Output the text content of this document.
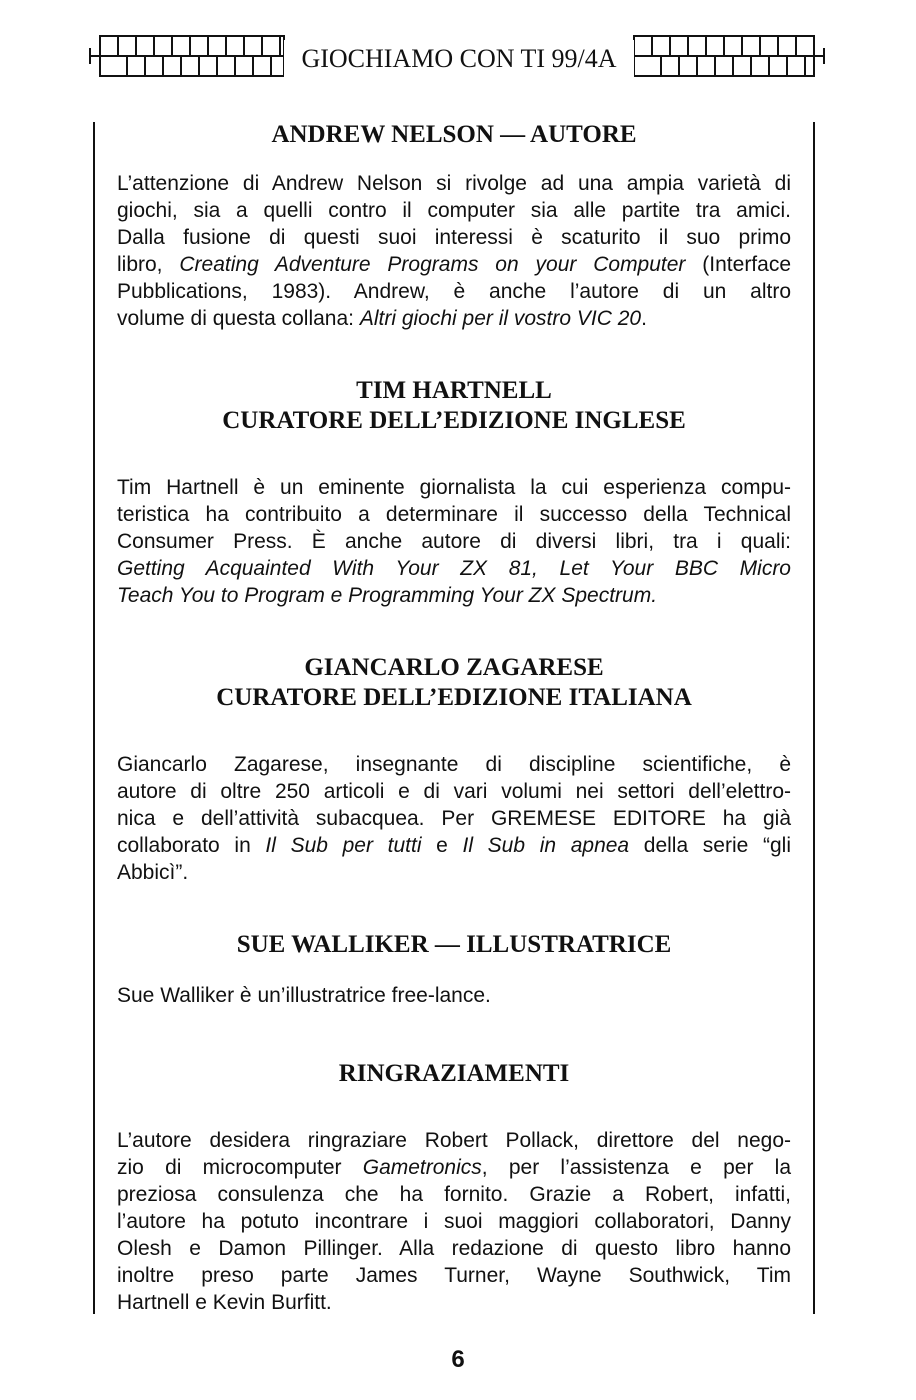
GIOCHIAMO CON TI 99/4A
ANDREW NELSON — AUTORE

L’attenzione di Andrew Nelson si rivolge ad una ampia varietà di
giochi, sia a quelli contro il computer sia alle partite tra amici.
Dalla fusione di questi suoi interessi è scaturito il suo primo
libro, Creating Adventure Programs on your Computer (Interface
Pubblications, 1983). Andrew, è anche l’autore di un altro
volume di questa collana: Altri giochi per il vostro VIC 20.

TIM HARTNELL
CURATORE DELL’EDIZIONE INGLESE

Tim Hartnell è un eminente giornalista la cui esperienza compu-
teristica ha contribuito a determinare il successo della Technical
Consumer Press. È anche autore di diversi libri, tra i quali:
Getting Acquainted With Your ZX 81, Let Your BBC Micro
Teach You to Program e Programming Your ZX Spectrum.

GIANCARLO ZAGARESE
CURATORE DELL’EDIZIONE ITALIANA

Giancarlo Zagarese, insegnante di discipline scientifiche, è
autore di oltre 250 articoli e di vari volumi nei settori dell’elettro-
nica e dell’attività subacquea. Per GREMESE EDITORE ha già
collaborato in Il Sub per tutti e Il Sub in apnea della serie “gli
Abbicì”.

SUE WALLIKER — ILLUSTRATRICE

Sue Walliker è un’illustratrice free-lance.

RINGRAZIAMENTI

L’autore desidera ringraziare Robert Pollack, direttore del nego-
zio di microcomputer Gametronics, per l’assistenza e per la
preziosa consulenza che ha fornito. Grazie a Robert, infatti,
l’autore ha potuto incontrare i suoi maggiori collaboratori, Danny
Olesh e Damon Pillinger. Alla redazione di questo libro hanno
inoltre preso parte James Turner, Wayne Southwick, Tim
Hartnell e Kevin Burfitt.

6
